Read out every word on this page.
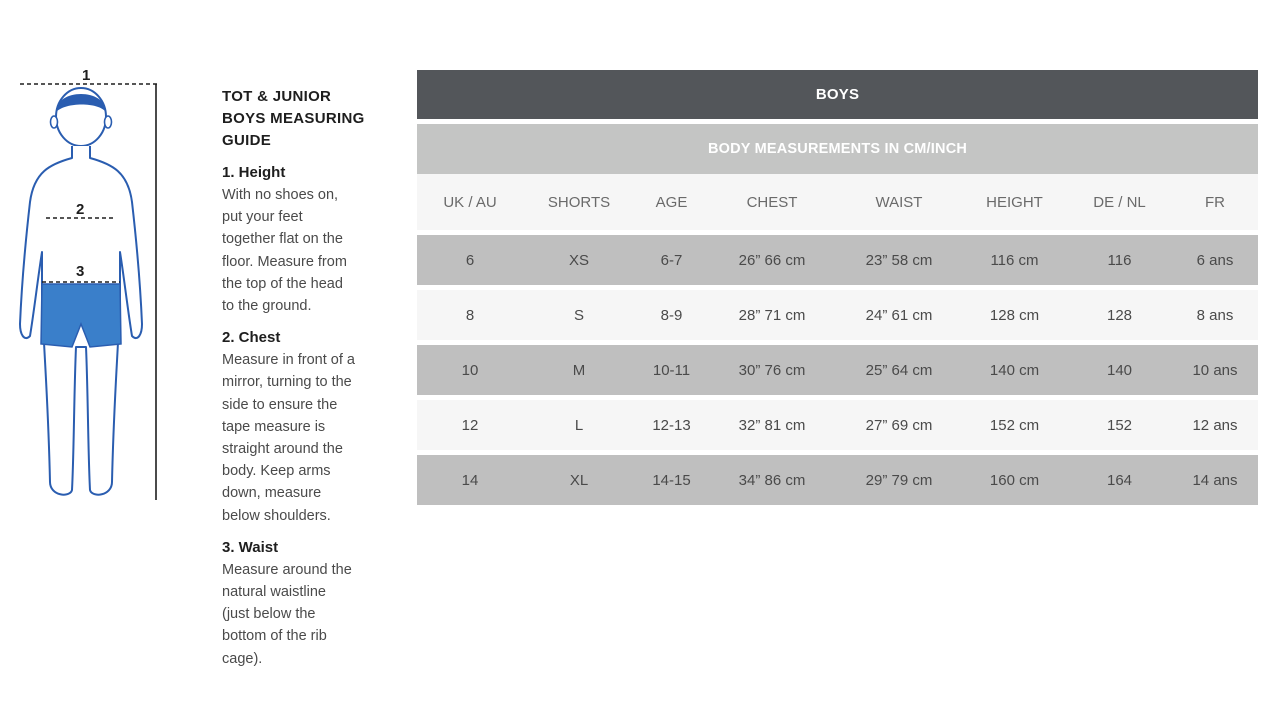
1
2
3
TOT & JUNIOR
BOYS MEASURING
GUIDE
1. Height
With no shoes on,
put your feet
together flat on the
floor. Measure from
the top of the head
to the ground.
2. Chest
Measure in front of a
mirror, turning to the
side to ensure the
tape measure is
straight around the
body. Keep arms
down, measure
below shoulders.
3. Waist
Measure around the
natural waistline
(just below the
bottom of the rib
cage).
BOYS
BODY MEASUREMENTS IN CM/INCH
UK / AU	SHORTS	AGE	CHEST	WAIST	HEIGHT	DE / NL	FR
6	XS	6-7	26” 66 cm	23” 58 cm	116 cm	116	6 ans
8	S	8-9	28” 71 cm	24” 61 cm	128 cm	128	8 ans
10	M	10-11	30” 76 cm	25” 64 cm	140 cm	140	10 ans
12	L	12-13	32” 81 cm	27” 69 cm	152 cm	152	12 ans
14	XL	14-15	34” 86 cm	29” 79 cm	160 cm	164	14 ans
